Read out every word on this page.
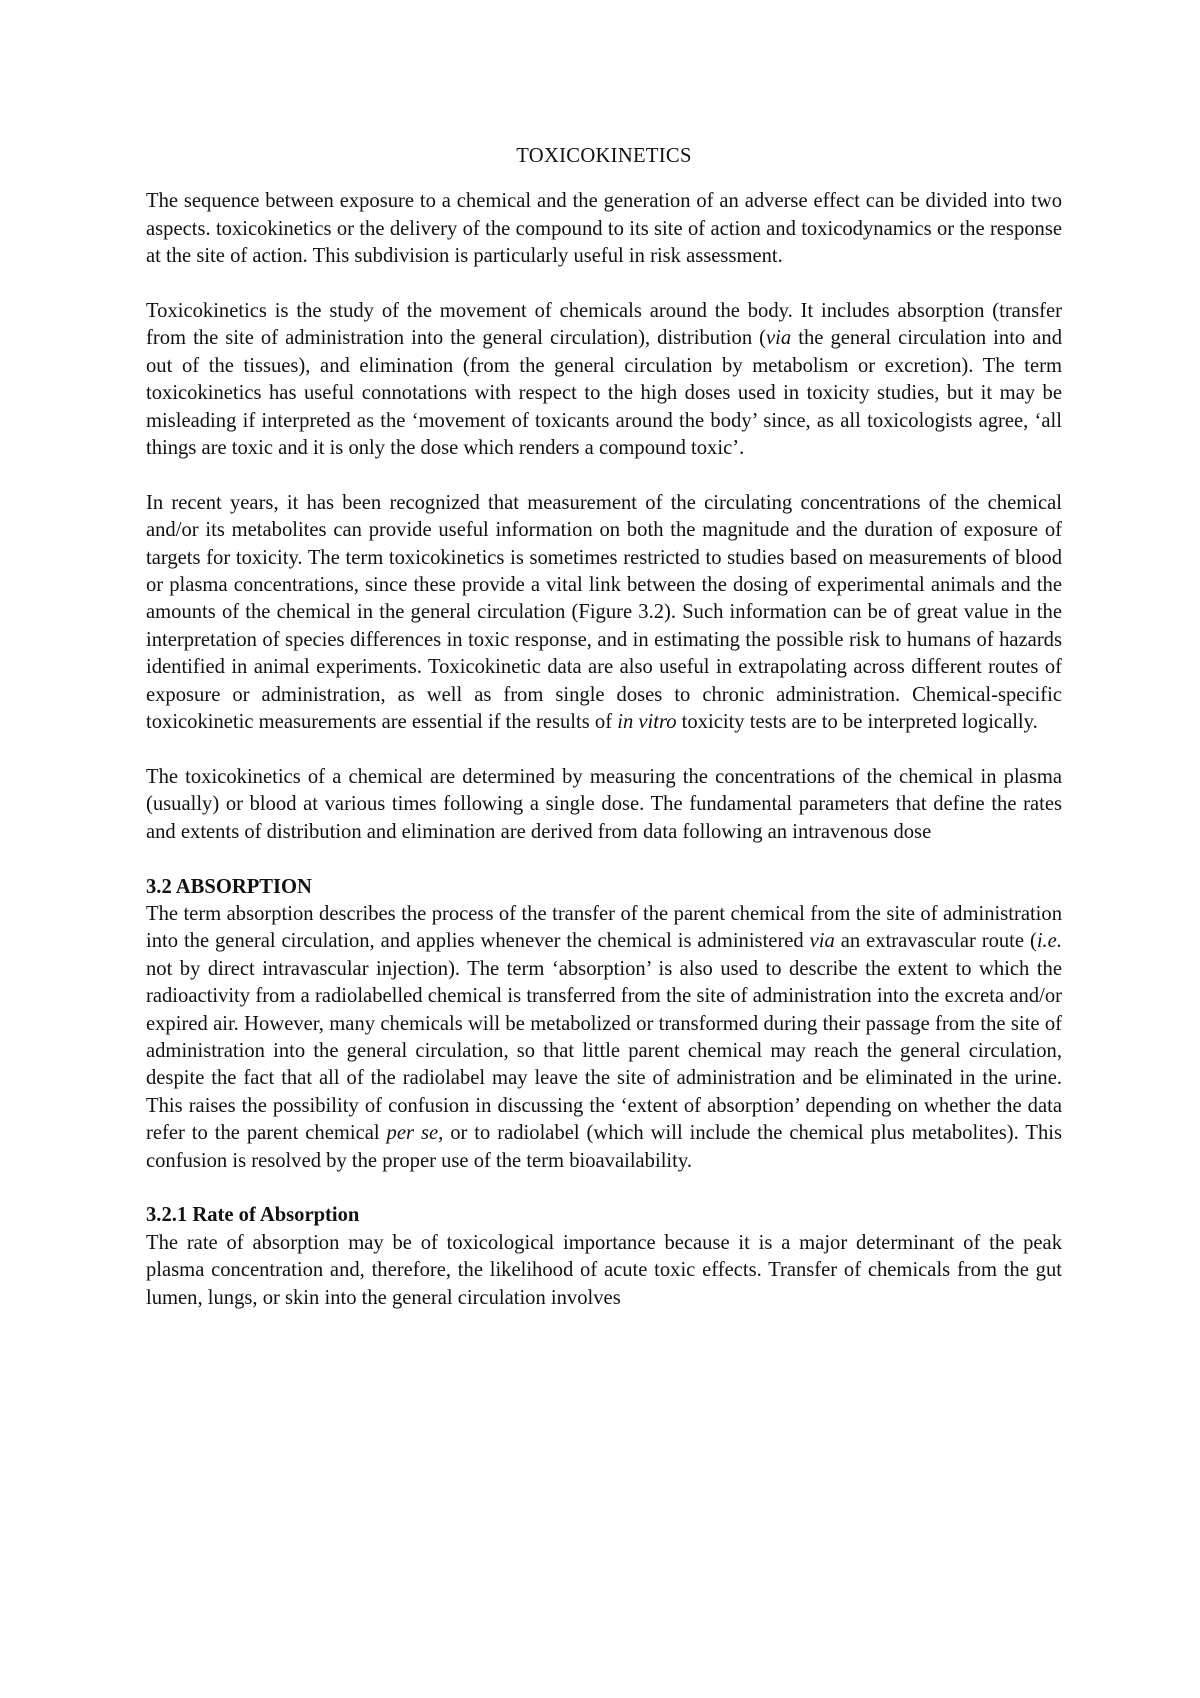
TOXICOKINETICS

The sequence between exposure to a chemical and the generation of an adverse effect can be divided into two aspects. toxicokinetics or the delivery of the compound to its site of action and toxicodynamics or the response at the site of action. This subdivision is particularly useful in risk assessment.

Toxicokinetics is the study of the movement of chemicals around the body. It includes absorption (transfer from the site of administration into the general circulation), distribution (via the general circulation into and out of the tissues), and elimination (from the general circulation by metabolism or excretion). The term toxicokinetics has useful connotations with respect to the high doses used in toxicity studies, but it may be misleading if interpreted as the ‘movement of toxicants around the body’ since, as all toxicologists agree, ‘all things are toxic and it is only the dose which renders a compound toxic’.

In recent years, it has been recognized that measurement of the circulating concentrations of the chemical and/or its metabolites can provide useful information on both the magnitude and the duration of exposure of targets for toxicity. The term toxicokinetics is sometimes restricted to studies based on measurements of blood or plasma concentrations, since these provide a vital link between the dosing of experimental animals and the amounts of the chemical in the general circulation (Figure 3.2). Such information can be of great value in the interpretation of species differences in toxic response, and in estimating the possible risk to humans of hazards identified in animal experiments. Toxicokinetic data are also useful in extrapolating across different routes of exposure or administration, as well as from single doses to chronic administration. Chemical-specific toxicokinetic measurements are essential if the results of in vitro toxicity tests are to be interpreted logically.

The toxicokinetics of a chemical are determined by measuring the concentrations of the chemical in plasma (usually) or blood at various times following a single dose. The fundamental parameters that define the rates and extents of distribution and elimination are derived from data following an intravenous dose

3.2 ABSORPTION

The term absorption describes the process of the transfer of the parent chemical from the site of administration into the general circulation, and applies whenever the chemical is administered via an extravascular route (i.e. not by direct intravascular injection). The term ‘absorption’ is also used to describe the extent to which the radioactivity from a radiolabelled chemical is transferred from the site of administration into the excreta and/or expired air. However, many chemicals will be metabolized or transformed during their passage from the site of administration into the general circulation, so that little parent chemical may reach the general circulation, despite the fact that all of the radiolabel may leave the site of administration and be eliminated in the urine. This raises the possibility of confusion in discussing the ‘extent of absorption’ depending on whether the data refer to the parent chemical per se, or to radiolabel (which will include the chemical plus metabolites). This confusion is resolved by the proper use of the term bioavailability.

3.2.1 Rate of Absorption

The rate of absorption may be of toxicological importance because it is a major determinant of the peak plasma concentration and, therefore, the likelihood of acute toxic effects. Transfer of chemicals from the gut lumen, lungs, or skin into the general circulation involves
